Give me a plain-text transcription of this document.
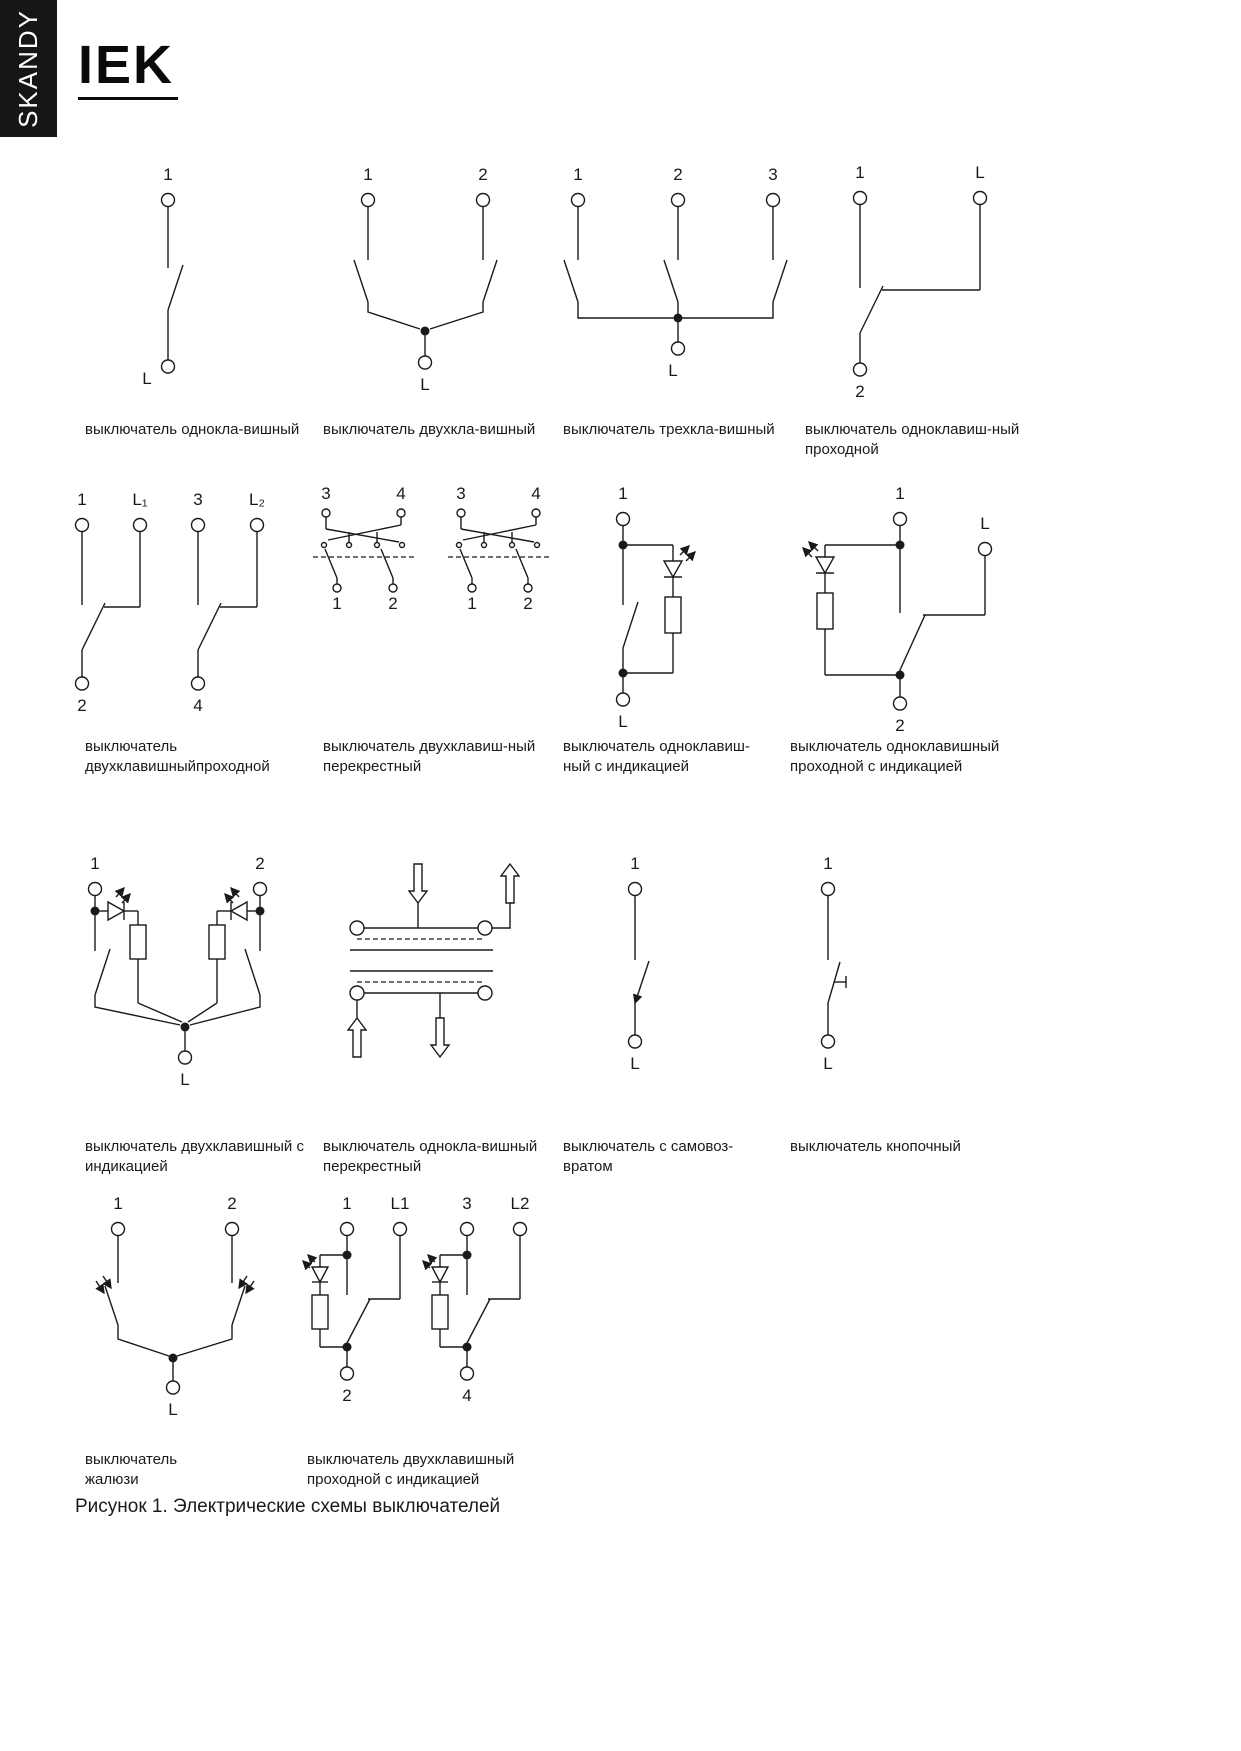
SKANDY IEK
1
L
1	2
L
1	2	3
L
1	L
2
выключатель однокла-вишный выключатель двухкла-вишный выключатель трехкла-вишный выключатель одноклавиш-ный
проходной
1	L₁	3	L₂
2	4
3	4
1	2
3	4
1	2
1
L
1
L
2
выключатель
двухклавишныйпроходной
выключатель двухклавиш-ный
перекрестный
выключатель одноклавиш-
ный с индикацией
выключатель одноклавишный
проходной с индикацией
1	2
L
1
L
1
L
выключатель двухклавишный с
индикацией
выключатель однокла-вишный
перекрестный
выключатель с самовоз-
вратом
выключатель кнопочный
1	2
L
1 L1	3 L2
2	4
выключатель
жалюзи
выключатель двухклавишный
проходной с индикацией
Рисунок 1. Электрические схемы выключателей
